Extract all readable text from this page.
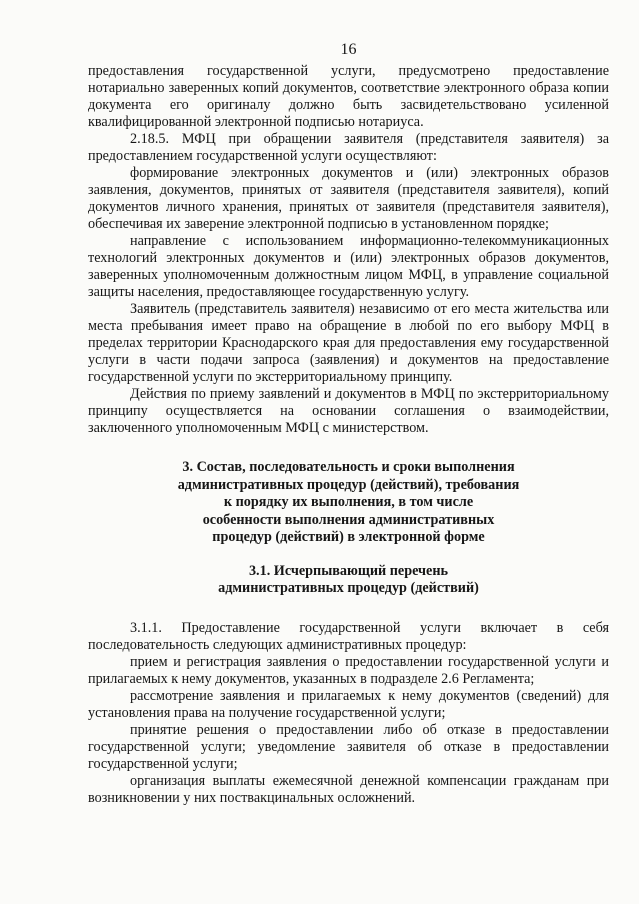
16

предоставления государственной услуги, предусмотрено предоставление нотариально заверенных копий документов, соответствие электронного образа копии документа его оригиналу должно быть засвидетельствовано усиленной квалифицированной электронной подписью нотариуса.

2.18.5. МФЦ при обращении заявителя (представителя заявителя) за предоставлением государственной услуги осуществляют:

формирование электронных документов и (или) электронных образов заявления, документов, принятых от заявителя (представителя заявителя), копий документов личного хранения, принятых от заявителя (представителя заявителя), обеспечивая их заверение электронной подписью в установленном порядке;

направление с использованием информационно-телекоммуникационных технологий электронных документов и (или) электронных образов документов, заверенных уполномоченным должностным лицом МФЦ, в управление социальной защиты населения, предоставляющее государственную услугу.

Заявитель (представитель заявителя) независимо от его места жительства или места пребывания имеет право на обращение в любой по его выбору МФЦ в пределах территории Краснодарского края для предоставления ему государственной услуги в части подачи запроса (заявления) и документов на предоставление государственной услуги по экстерриториальному принципу.

Действия по приему заявлений и документов в МФЦ по экстерриториальному принципу осуществляется на основании соглашения о взаимодействии, заключенного уполномоченным МФЦ с министерством.

3. Состав, последовательность и сроки выполнения
административных процедур (действий), требования
к порядку их выполнения, в том числе
особенности выполнения административных
процедур (действий) в электронной форме
3.1. Исчерпывающий перечень
административных процедур (действий)

3.1.1. Предоставление государственной услуги включает в себя последовательность следующих административных процедур:

прием и регистрация заявления о предоставлении государственной услуги и прилагаемых к нему документов, указанных в подразделе 2.6 Регламента;

рассмотрение заявления и прилагаемых к нему документов (сведений) для установления права на получение государственной услуги;

принятие решения о предоставлении либо об отказе в предоставлении государственной услуги; уведомление заявителя об отказе в предоставлении государственной услуги;

организация выплаты ежемесячной денежной компенсации гражданам при возникновении у них поствакцинальных осложнений.
